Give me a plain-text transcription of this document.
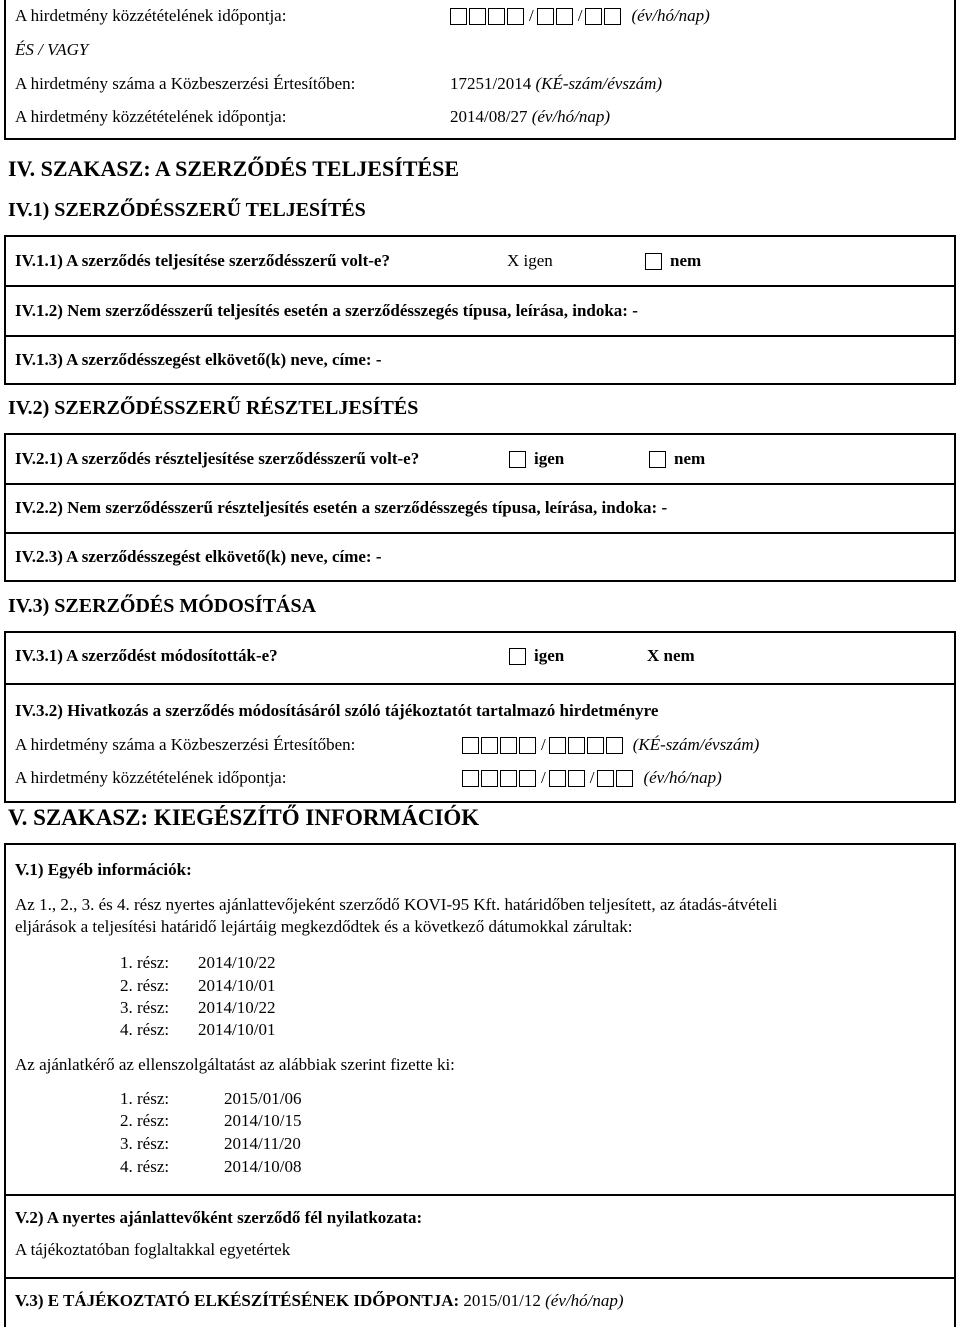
A hirdetmény közzétételének időpontja:	/	/	(év/hó/nap)
ÉS / VAGY
A hirdetmény száma a Közbeszerzési Értesítőben:	17251/2014 (KÉ-szám/évszám)
A hirdetmény közzétételének időpontja:	2014/08/27 (év/hó/nap)
IV. SZAKASZ: A SZERZŐDÉS TELJESÍTÉSE
IV.1) SZERZŐDÉSSZERŰ TELJESÍTÉS
IV.1.1) A szerződés teljesítése szerződésszerű volt-e?	X igen	nem
IV.1.2) Nem szerződésszerű teljesítés esetén a szerződésszegés típusa, leírása, indoka: -
IV.1.3) A szerződésszegést elkövető(k) neve, címe: -
IV.2) SZERZŐDÉSSZERŰ RÉSZTELJESÍTÉS
IV.2.1) A szerződés részteljesítése szerződésszerű volt-e?	igen	nem
IV.2.2) Nem szerződésszerű részteljesítés esetén a szerződésszegés típusa, leírása, indoka: -
IV.2.3) A szerződésszegést elkövető(k) neve, címe: -
IV.3) SZERZŐDÉS MÓDOSÍTÁSA
IV.3.1) A szerződést módosították-e?	igen	X nem
IV.3.2) Hivatkozás a szerződés módosításáról szóló tájékoztatót tartalmazó hirdetményre
A hirdetmény száma a Közbeszerzési Értesítőben:	/	(KÉ-szám/évszám)
A hirdetmény közzétételének időpontja:	/	/	(év/hó/nap)
V. SZAKASZ: KIEGÉSZÍTŐ INFORMÁCIÓK
V.1) Egyéb információk:
Az 1., 2., 3. és 4. rész nyertes ajánlattevőjeként szerződő KOVI-95 Kft. határidőben teljesített, az átadás-átvételi
eljárások a teljesítési határidő lejártáig megkezdődtek és a következő dátumokkal zárultak:
1. rész: 2014/10/22
2. rész: 2014/10/01
3. rész: 2014/10/22
4. rész: 2014/10/01
Az ajánlatkérő az ellenszolgáltatást az alábbiak szerint fizette ki:
1. rész:	2015/01/06
2. rész:	2014/10/15
3. rész:	2014/11/20
4. rész:	2014/10/08
V.2) A nyertes ajánlattevőként szerződő fél nyilatkozata:
A tájékoztatóban foglaltakkal egyetértek
V.3) E TÁJÉKOZTATÓ ELKÉSZÍTÉSÉNEK IDŐPONTJA: 2015/01/12 (év/hó/nap)
